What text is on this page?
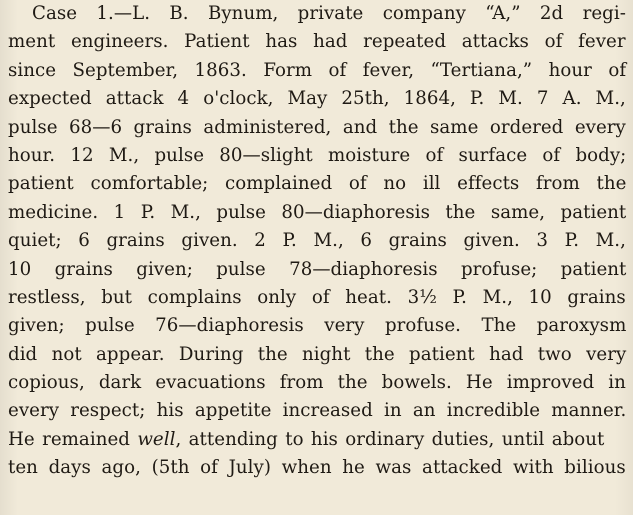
Case 1.—L. B. Bynum, private company “A,” 2d regi-
ment engineers. Patient has had repeated attacks of fever
since September, 1863. Form of fever, “Tertiana,” hour of
expected attack 4 o'clock, May 25th, 1864, P. M. 7 A. M.,
pulse 68—6 grains administered, and the same ordered every
hour. 12 M., pulse 80—slight moisture of surface of body;
patient comfortable; complained of no ill effects from the
medicine. 1 P. M., pulse 80—diaphoresis the same, patient
quiet; 6 grains given. 2 P. M., 6 grains given. 3 P. M.,
10 grains given; pulse 78—diaphoresis profuse; patient
restless, but complains only of heat. 3½ P. M., 10 grains
given; pulse 76—diaphoresis very profuse. The paroxysm
did not appear. During the night the patient had two very
copious, dark evacuations from the bowels. He improved in
every respect; his appetite increased in an incredible manner.
He remained well, attending to his ordinary duties, until about
ten days ago, (5th of July) when he was attacked with bilious
